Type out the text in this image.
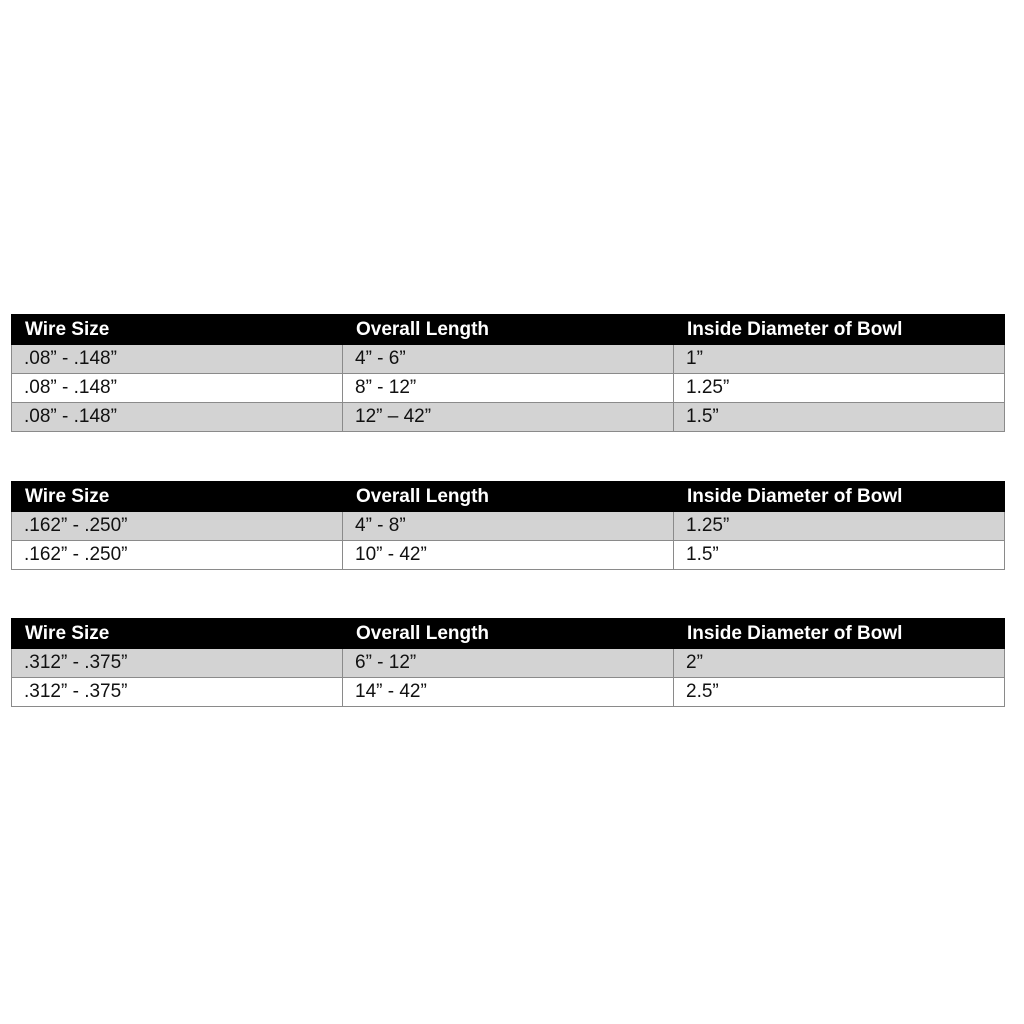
Wire Size	Overall Length	Inside Diameter of Bowl
.08” - .148”	4” - 6”	1”
.08” - .148”	8” - 12”	1.25”
.08” - .148”	12” – 42”	1.5”
Wire Size	Overall Length	Inside Diameter of Bowl
.162” - .250”	4” - 8”	1.25”
.162” - .250”	10” - 42”	1.5”
Wire Size	Overall Length	Inside Diameter of Bowl
.312” - .375”	6” - 12”	2”
.312” - .375”	14” - 42”	2.5”
